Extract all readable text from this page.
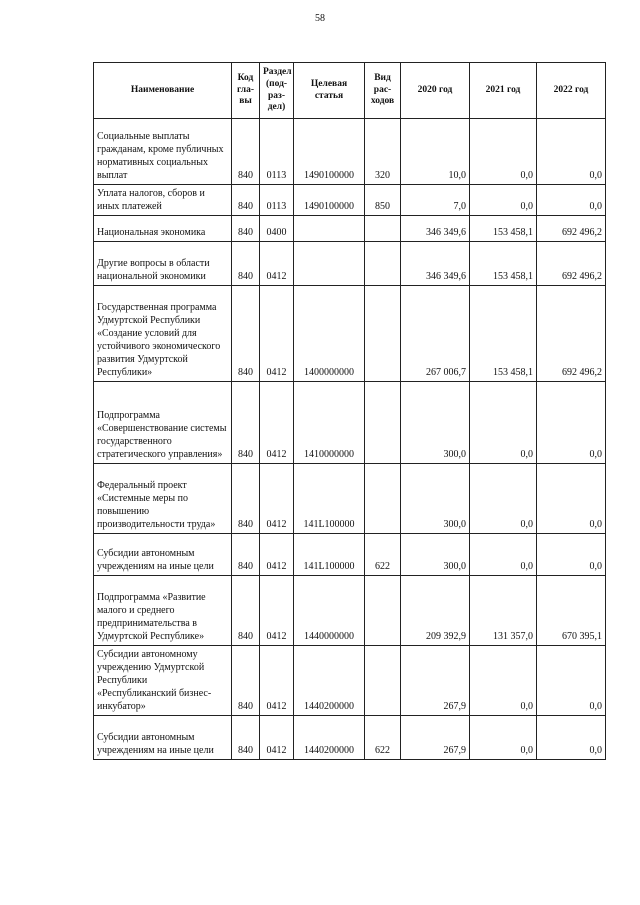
58
Наименование	Код гла-вы	Раздел (под-раз-дел)	Целевая статья	Вид рас-ходов	2020 год	2021 год	2022 год
Социальные выплаты гражданам, кроме публичных нормативных социальных выплат	840	0113	1490100000	320	10,0	0,0	0,0
Уплата налогов, сборов и иных платежей	840	0113	1490100000	850	7,0	0,0	0,0
Национальная экономика	840	0400			346 349,6	153 458,1	692 496,2
Другие вопросы в области национальной экономики	840	0412			346 349,6	153 458,1	692 496,2
Государственная программа Удмуртской Республики «Создание условий для устойчивого экономического развития Удмуртской Республики»	840	0412	1400000000		267 006,7	153 458,1	692 496,2
Подпрограмма «Совершенствование системы государственного стратегического управления»	840	0412	1410000000		300,0	0,0	0,0
Федеральный проект «Системные меры по повышению производительности труда»	840	0412	141L100000		300,0	0,0	0,0
Субсидии автономным учреждениям на иные цели	840	0412	141L100000	622	300,0	0,0	0,0
Подпрограмма «Развитие малого и среднего предпринимательства в Удмуртской Республике»	840	0412	1440000000		209 392,9	131 357,0	670 395,1
Субсидии автономному учреждению Удмуртской Республики «Республиканский бизнес-инкубатор»	840	0412	1440200000		267,9	0,0	0,0
Субсидии автономным учреждениям на иные цели	840	0412	1440200000	622	267,9	0,0	0,0
